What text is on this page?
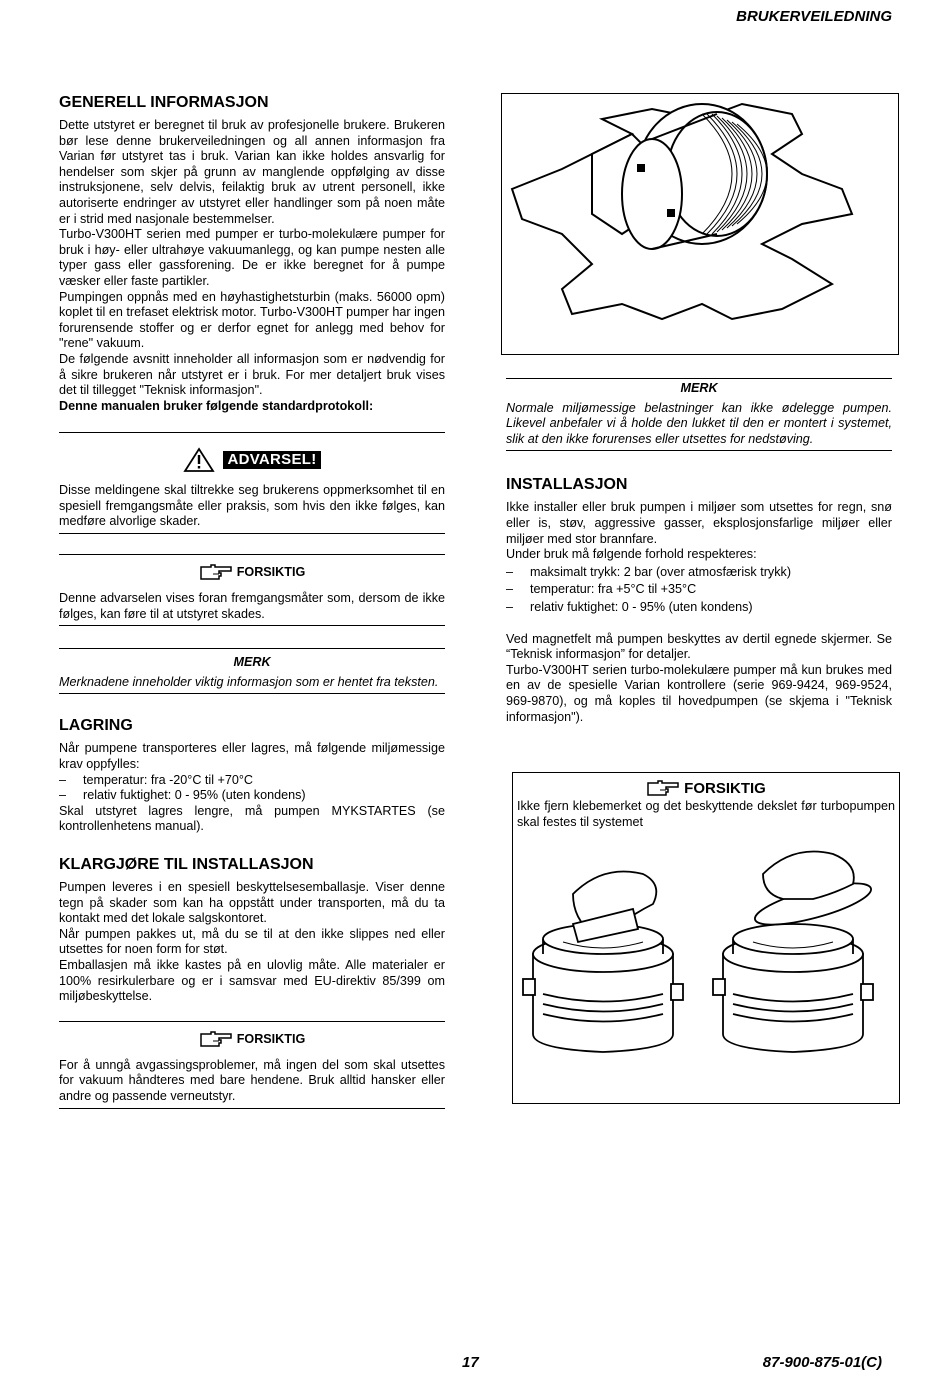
BRUKERVEILEDNING
GENERELL INFORMASJON

Dette utstyret er beregnet til bruk av profesjonelle brukere. Brukeren bør lese denne brukerveiledningen og all annen informasjon fra Varian før utstyret tas i bruk. Varian kan ikke holdes ansvarlig for hendelser som skjer på grunn av manglende oppfølging av disse instruksjonene, selv delvis, feilaktig bruk av utrent personell, ikke autoriserte endringer av utstyret eller handlinger som på noen måte er i strid med nasjonale bestemmelser.

Turbo-V300HT serien med pumper er turbo-molekulære pumper for bruk i høy- eller ultrahøye vakuumanlegg, og kan pumpe nesten alle typer gass eller gassforening. De er ikke beregnet for å pumpe væsker eller faste partikler.

Pumpingen oppnås med en høyhastighetsturbin (maks. 56000 opm) koplet til en trefaset elektrisk motor. Turbo-V300HT pumper har ingen forurensende stoffer og er derfor egnet for anlegg med behov for "rene" vakuum.

De følgende avsnitt inneholder all informasjon som er nødvendig for å sikre brukeren når utstyret er i bruk. For mer detaljert bruk vises det til tillegget "Teknisk informasjon".

Denne manualen bruker følgende standardprotokoll:

ADVARSEL!

Disse meldingene skal tiltrekke seg brukerens oppmerksomhet til en spesiell fremgangsmåte eller praksis, som hvis den ikke følges, kan medføre alvorlige skader.

FORSIKTIG

Denne advarselen vises foran fremgangsmåter som, dersom de ikke følges, kan føre til at utstyret skades.

MERK

Merknadene inneholder viktig informasjon som er hentet fra teksten.

LAGRING

Når pumpene transporteres eller lagres, må følgende miljømessige krav oppfylles:

–	temperatur: fra -20°C til +70°C
–	relativ fuktighet: 0 - 95% (uten kondens)

Skal utstyret lagres lengre, må pumpen MYKSTARTES (se kontrollenhetens manual).

KLARGJØRE TIL INSTALLASJON

Pumpen leveres i en spesiell beskyttelsesemballasje. Viser denne tegn på skader som kan ha oppstått under transporten, må du ta kontakt med det lokale salgskontoret.

Når pumpen pakkes ut, må du se til at den ikke slippes ned eller utsettes for noen form for støt.

Emballasjen må ikke kastes på en ulovlig måte. Alle materialer er 100% resirkulerbare og er i samsvar med EU-direktiv 85/399 om miljøbeskyttelse.

FORSIKTIG

For å unngå avgassingsproblemer, må ingen del som skal utsettes for vakuum håndteres med bare hendene. Bruk alltid hansker eller andre og passende verneutstyr.

MERK

Normale miljømessige belastninger kan ikke ødelegge pumpen. Likevel anbefaler vi å holde den lukket til den er montert i systemet, slik at den ikke forurenses eller utsettes for nedstøving.

INSTALLASJON

Ikke installer eller bruk pumpen i miljøer som utsettes for regn, snø eller is, støv, aggressive gasser, eksplosjonsfarlige miljøer eller miljøer med stor brannfare.

Under bruk må følgende forhold respekteres:

–	maksimalt trykk: 2 bar (over atmosfærisk trykk)
–	temperatur: fra +5°C til +35°C
–	relativ fuktighet: 0 - 95% (uten kondens)

Ved magnetfelt må pumpen beskyttes av dertil egnede skjermer. Se “Teknisk informasjon” for detaljer.

Turbo-V300HT serien turbo-molekulære pumper må kun brukes med en av de spesielle Varian kontrollere (serie 969-9424, 969-9524, 969-9870), og må koples til hovedpumpen (se skjema i "Teknisk informasjon").

FORSIKTIG

Ikke fjern klebemerket og det beskyttende dekslet før turbopumpen skal festes til systemet

17	87-900-875-01(C)
